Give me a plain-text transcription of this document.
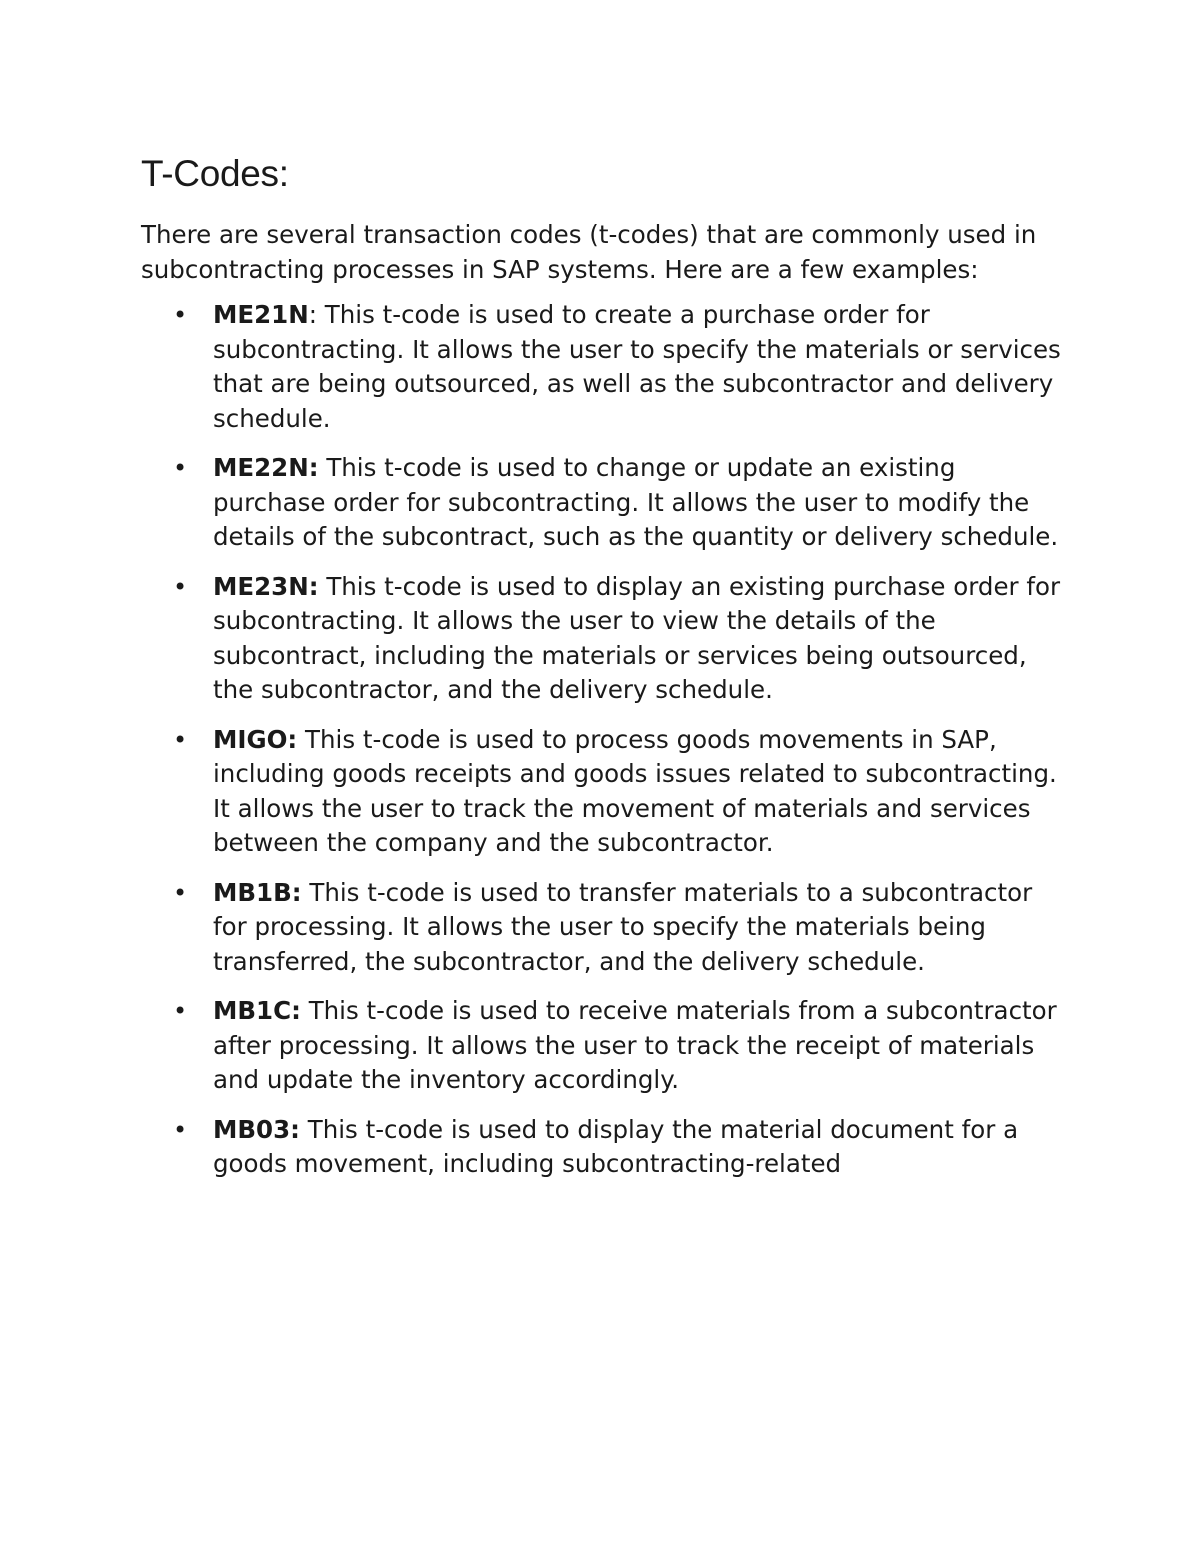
T-Codes:

There are several transaction codes (t-codes) that are commonly used in subcontracting processes in SAP systems. Here are a few examples:

• ME21N: This t-code is used to create a purchase order for subcontracting. It allows the user to specify the materials or services that are being outsourced, as well as the subcontractor and delivery schedule.
• ME22N: This t-code is used to change or update an existing purchase order for subcontracting. It allows the user to modify the details of the subcontract, such as the quantity or delivery schedule.
• ME23N: This t-code is used to display an existing purchase order for subcontracting. It allows the user to view the details of the subcontract, including the materials or services being outsourced, the subcontractor, and the delivery schedule.
• MIGO: This t-code is used to process goods movements in SAP, including goods receipts and goods issues related to subcontracting. It allows the user to track the movement of materials and services between the company and the subcontractor.
• MB1B: This t-code is used to transfer materials to a subcontractor for processing. It allows the user to specify the materials being transferred, the subcontractor, and the delivery schedule.
• MB1C: This t-code is used to receive materials from a subcontractor after processing. It allows the user to track the receipt of materials and update the inventory accordingly.
• MB03: This t-code is used to display the material document for a goods movement, including subcontracting-related
